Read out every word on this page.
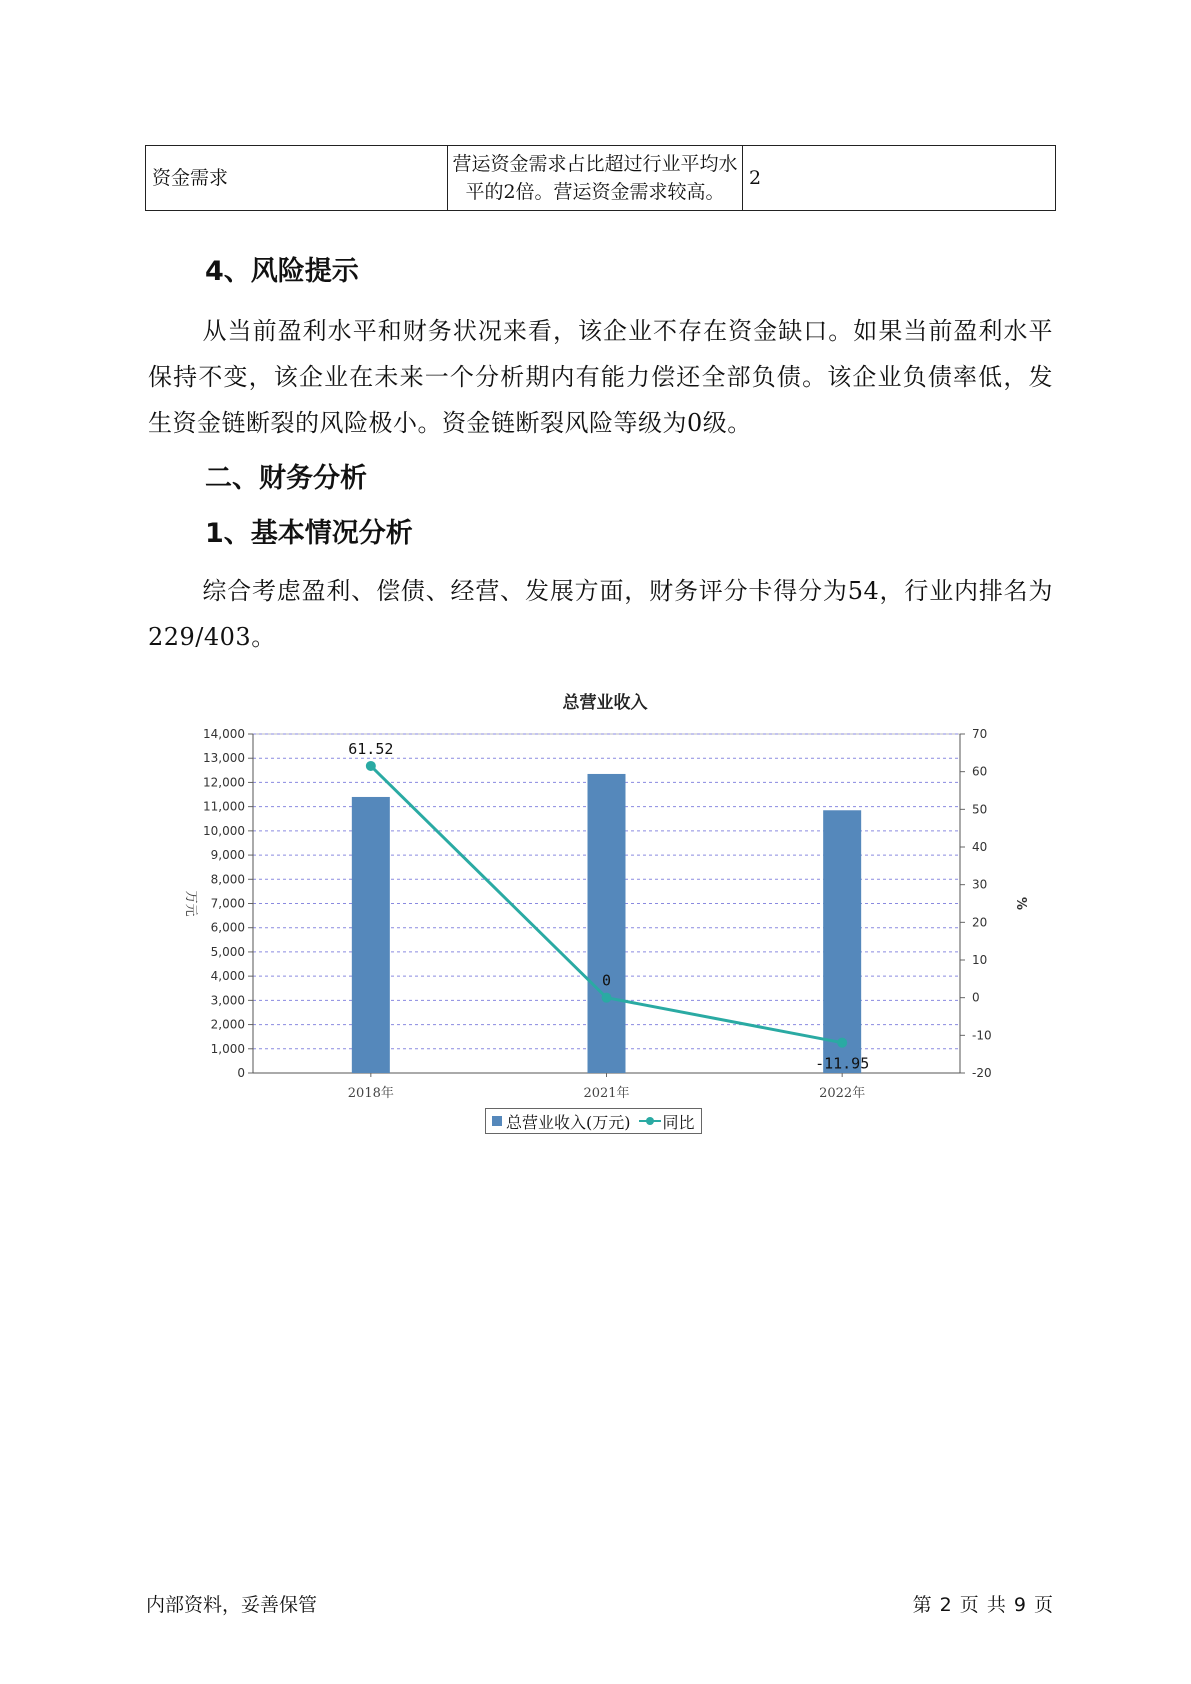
资金需求	营运资金需求占比超过行业平均水平的2倍。营运资金需求较高。	2
4、风险提示

从当前盈利水平和财务状况来看，该企业不存在资金缺口。如果当前盈利水平保持不变，该企业在未来一个分析期内有能力偿还全部负债。该企业负债率低，发生资金链断裂的风险极小。资金链断裂风险等级为0级。

二、财务分析
1、基本情况分析

综合考虑盈利、偿债、经营、发展方面，财务评分卡得分为54，行业内排名为229/403。

总营业收入
0
1,000
2,000
3,000
4,000
5,000
6,000
7,000
8,000
9,000
10,000
11,000
12,000
13,000
14,000
-20
-10
0
10
20
30
40
50
60
70
万元	%
2018年	2021年	2022年
61.52
0
-11.95
总营业收入(万元) 同比
内部资料，妥善保管	第 2 页 共 9 页
